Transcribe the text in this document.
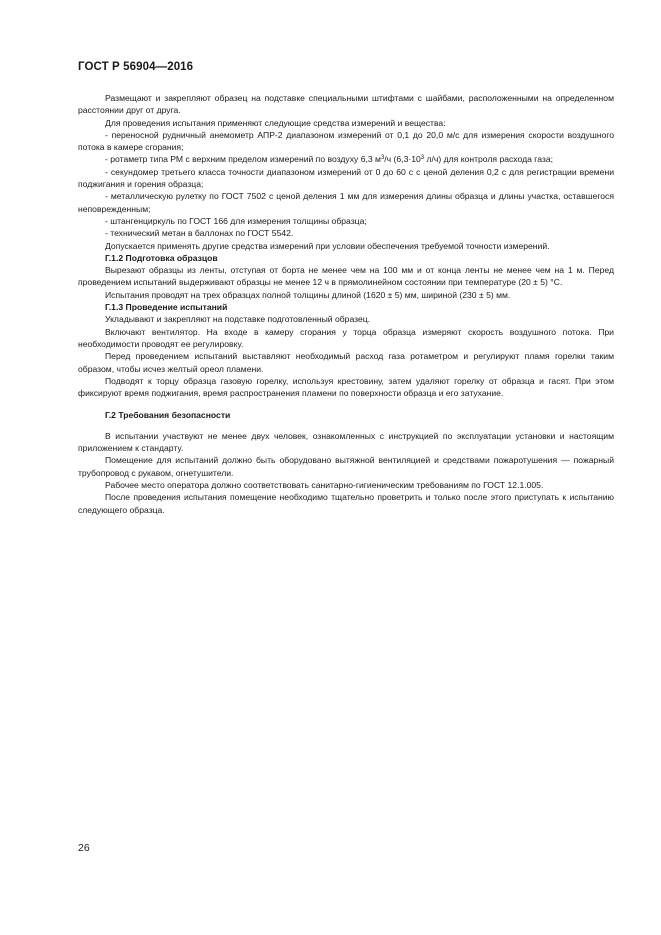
ГОСТ Р 56904—2016

Размещают и закрепляют образец на подставке специальными штифтами с шайбами, расположенными на определенном расстоянии друг от друга.

Для проведения испытания применяют следующие средства измерений и вещества:

- переносной рудничный анемометр АПР-2 диапазоном измерений от 0,1 до 20,0 м/с для измерения скорости воздушного потока в камере сгорания;

- ротаметр типа РМ с верхним пределом измерений по воздуху 6,3 $м^3/ч$ ($6,3\cdot 10^3$ л/ч) для контроля расхода газа;

- секундомер третьего класса точности диапазоном измерений от 0 до 60 с с ценой деления 0,2 с для регистрации времени поджигания и горения образца;

- металлическую рулетку по ГОСТ 7502 с ценой деления 1 мм для измерения длины образца и длины участка, оставшегося неповрежденным;

- штангенциркуль по ГОСТ 166 для измерения толщины образца;

- технический метан в баллонах по ГОСТ 5542.

Допускается применять другие средства измерений при условии обеспечения требуемой точности измерений.

Г.1.2 Подготовка образцов

Вырезают образцы из ленты, отступая от борта не менее чем на 100 мм и от конца ленты не менее чем на 1 м. Перед проведением испытаний выдерживают образцы не менее 12 ч в прямолинейном состоянии при температуре (20 ± 5) °С.

Испытания проводят на трех образцах полной толщины длиной (1620 ± 5) мм, шириной (230 ± 5) мм.

Г.1.3 Проведение испытаний

Укладывают и закрепляют на подставке подготовленный образец.

Включают вентилятор. На входе в камеру сгорания у торца образца измеряют скорость воздушного потока. При необходимости проводят ее регулировку.

Перед проведением испытаний выставляют необходимый расход газа ротаметром и регулируют пламя горелки таким образом, чтобы исчез желтый ореол пламени.

Подводят к торцу образца газовую горелку, используя крестовину, затем удаляют горелку от образца и гасят. При этом фиксируют время поджигания, время распространения пламени по поверхности образца и его затухание.

Г.2 Требования безопасности

В испытании участвуют не менее двух человек, ознакомленных с инструкцией по эксплуатации установки и настоящим приложением к стандарту.

Помещение для испытаний должно быть оборудовано вытяжной вентиляцией и средствами пожаротушения — пожарный трубопровод с рукавом, огнетушители.

Рабочее место оператора должно соответствовать санитарно-гигиеническим требованиям по ГОСТ 12.1.005.

После проведения испытания помещение необходимо тщательно проветрить и только после этого приступать к испытанию следующего образца.

26
